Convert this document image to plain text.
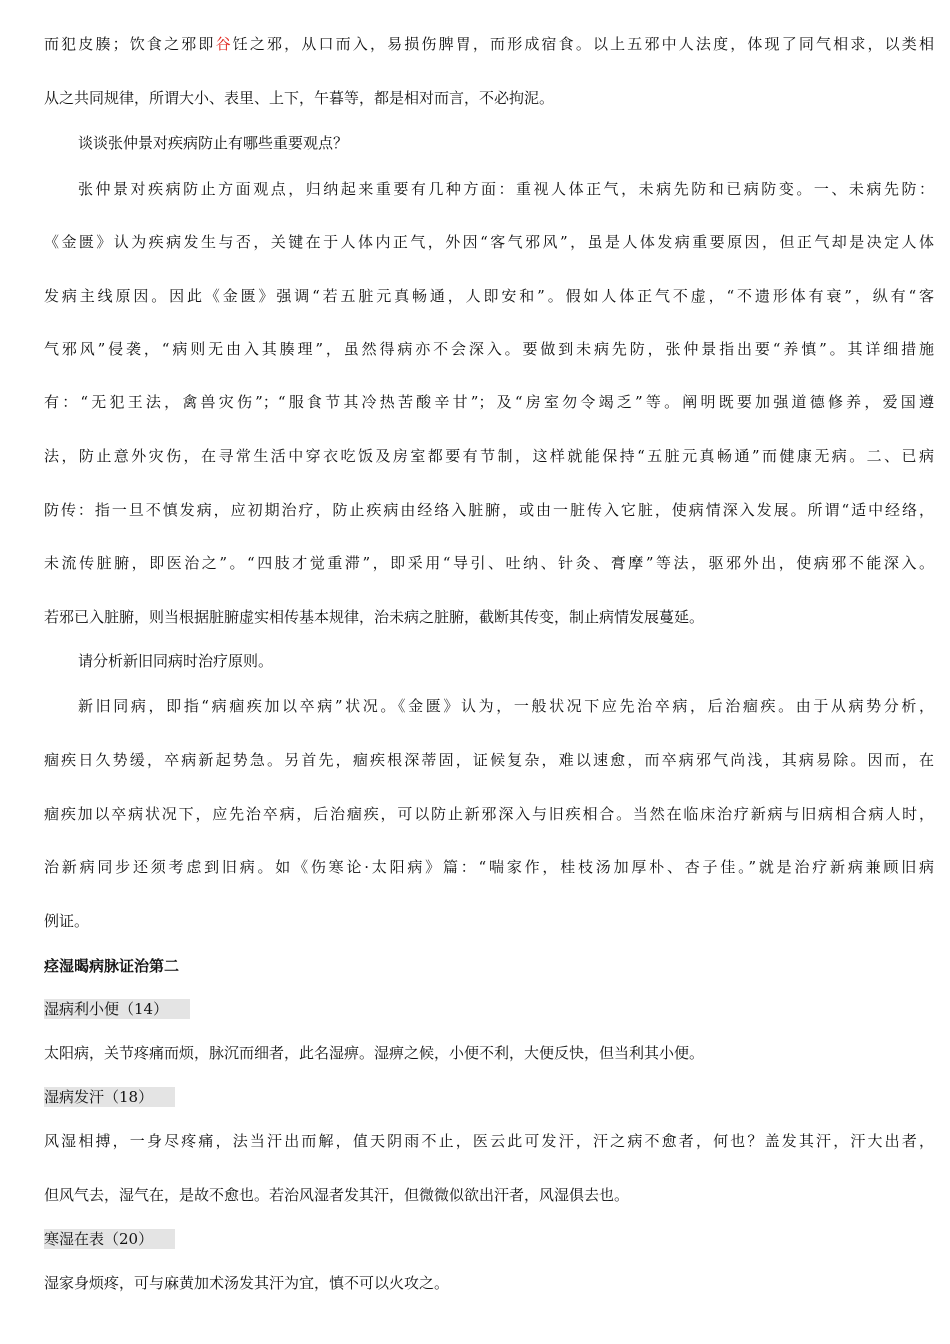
而犯皮腠；饮食之邪即谷饪之邪，从口而入，易损伤脾胃，而形成宿食。以上五邪中人法度，体现了同气相求，以类相
从之共同规律，所谓大小、表里、上下，午暮等，都是相对而言，不必拘泥。
谈谈张仲景对疾病防止有哪些重要观点？
张仲景对疾病防止方面观点，归纳起来重要有几种方面：重视人体正气，未病先防和已病防变。一、未病先防：
《金匮》认为疾病发生与否，关键在于人体内正气，外因“客气邪风”，虽是人体发病重要原因，但正气却是决定人体
发病主线原因。因此《金匮》强调“若五脏元真畅通，人即安和”。假如人体正气不虚，“不遗形体有衰”，纵有“客
气邪风”侵袭，“病则无由入其腠理”，虽然得病亦不会深入。要做到未病先防，张仲景指出要“养慎”。其详细措施
有：“无犯王法，禽兽灾伤”；“服食节其冷热苦酸辛甘”；及“房室勿令竭乏”等。阐明既要加强道德修养，爱国遵
法，防止意外灾伤，在寻常生活中穿衣吃饭及房室都要有节制，这样就能保持“五脏元真畅通”而健康无病。二、已病
防传：指一旦不慎发病，应初期治疗，防止疾病由经络入脏腑，或由一脏传入它脏，使病情深入发展。所谓“适中经络，
未流传脏腑，即医治之”。“四肢才觉重滞”，即采用“导引、吐纳、针灸、膏摩”等法，驱邪外出，使病邪不能深入。
若邪已入脏腑，则当根据脏腑虚实相传基本规律，治未病之脏腑，截断其传变，制止病情发展蔓延。
请分析新旧同病时治疗原则。
新旧同病，即指“病痼疾加以卒病”状况。《金匮》认为，一般状况下应先治卒病，后治痼疾。由于从病势分析，
痼疾日久势缓，卒病新起势急。另首先，痼疾根深蒂固，证候复杂，难以速愈，而卒病邪气尚浅，其病易除。因而，在
痼疾加以卒病状况下，应先治卒病，后治痼疾，可以防止新邪深入与旧疾相合。当然在临床治疗新病与旧病相合病人时，
治新病同步还须考虑到旧病。如《伤寒论·太阳病》篇：“喘家作，桂枝汤加厚朴、杏子佳。”就是治疗新病兼顾旧病
例证。
痉湿暍病脉证治第二
湿病利小便（14）
太阳病，关节疼痛而烦，脉沉而细者，此名湿痹。湿痹之候，小便不利，大便反快，但当利其小便。
湿病发汗（18）
风湿相搏，一身尽疼痛，法当汗出而解，值天阴雨不止，医云此可发汗，汗之病不愈者，何也？盖发其汗，汗大出者，
但风气去，湿气在，是故不愈也。若治风湿者发其汗，但微微似欲出汗者，风湿俱去也。
寒湿在表（20）
湿家身烦疼，可与麻黄加术汤发其汗为宜，慎不可以火攻之。
